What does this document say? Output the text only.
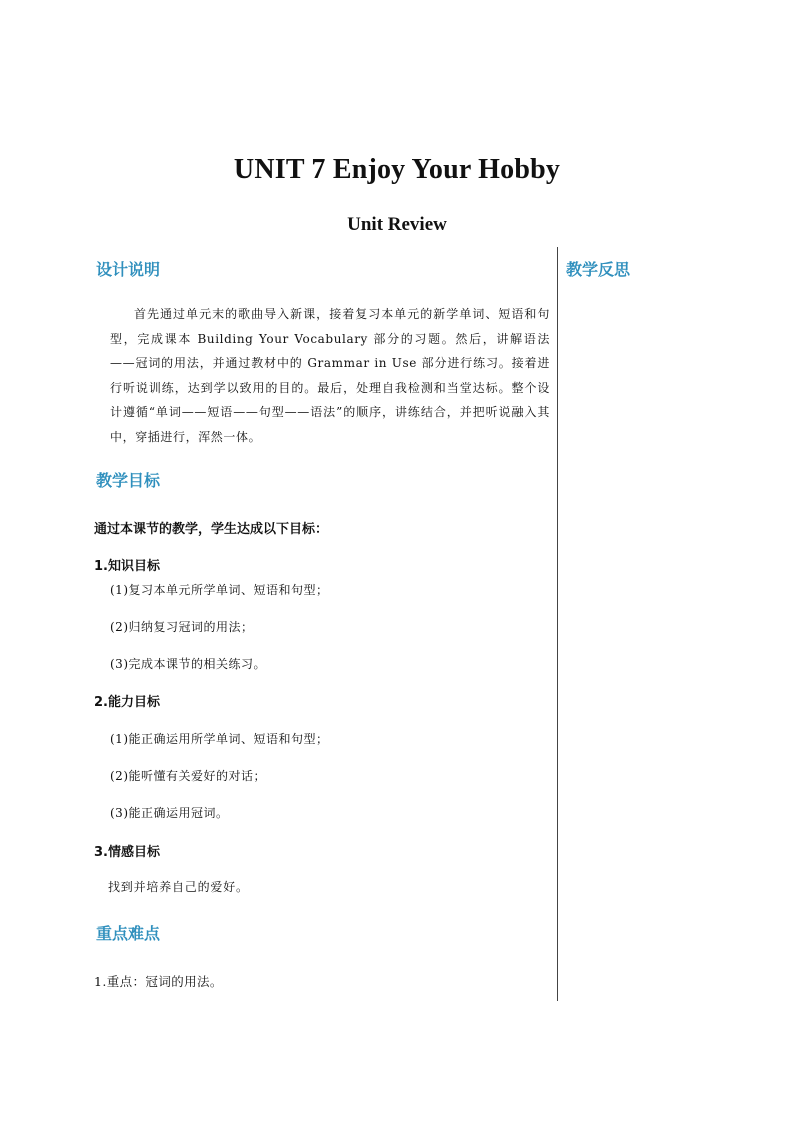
UNIT 7 Enjoy Your Hobby
Unit Review
教学反思
设计说明
首先通过单元末的歌曲导入新课，接着复习本单元的新学单词、短语和句型，完成课本 Building Your Vocabulary 部分的习题。然后，讲解语法——冠词的用法，并通过教材中的 Grammar in Use 部分进行练习。接着进行听说训练，达到学以致用的目的。最后，处理自我检测和当堂达标。整个设计遵循“单词——短语——句型——语法”的顺序，讲练结合，并把听说融入其中，穿插进行，浑然一体。
教学目标
通过本课节的教学，学生达成以下目标：
1.知识目标
(1)复习本单元所学单词、短语和句型；
(2)归纳复习冠词的用法；
(3)完成本课节的相关练习。
2.能力目标
(1)能正确运用所学单词、短语和句型；
(2)能听懂有关爱好的对话；
(3)能正确运用冠词。
3.情感目标
找到并培养自己的爱好。
重点难点
1.重点：冠词的用法。
